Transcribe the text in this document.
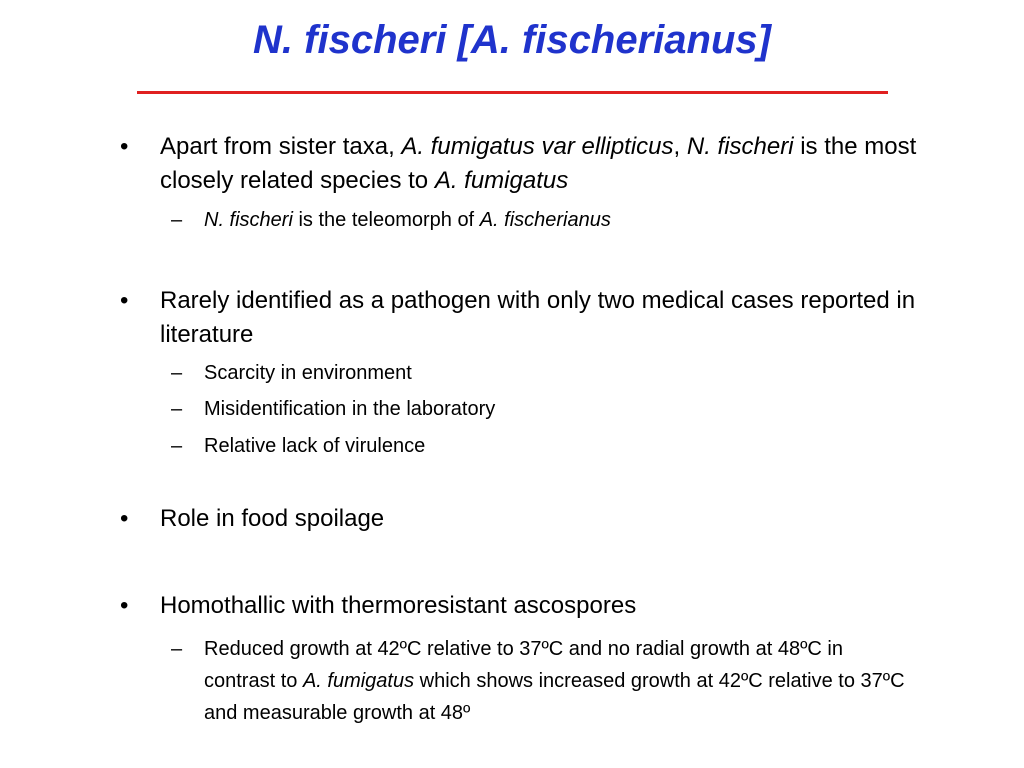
N. fischeri [A. fischerianus]
•	Apart from sister taxa, A. fumigatus var ellipticus, N. fischeri is the most closely related species to A. fumigatus
– N. fischeri is the teleomorph of A. fischerianus
•	Rarely identified as a pathogen with only two medical cases reported in literature
– Scarcity in environment
– Misidentification in the laboratory
– Relative lack of virulence
•	Role in food spoilage
•	Homothallic with thermoresistant ascospores
– Reduced growth at 42ºC relative to 37ºC and no radial growth at 48ºC in contrast to A. fumigatus which shows increased growth at 42ºC relative to 37ºC and measurable growth at 48º
